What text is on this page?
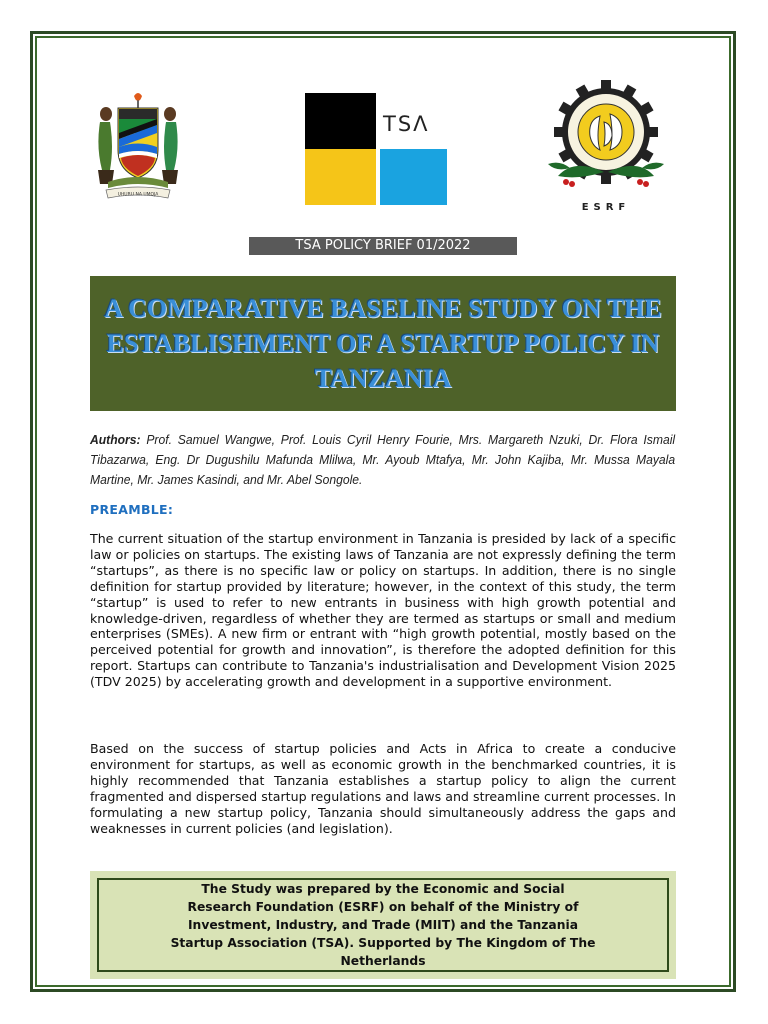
UHURU NA UMOJA
TSΛ
ESRF
TSA POLICY BRIEF 01/2022
A COMPARATIVE BASELINE STUDY ON THE ESTABLISHMENT OF A STARTUP POLICY IN TANZANIA
Authors: Prof. Samuel Wangwe, Prof. Louis Cyril Henry Fourie, Mrs. Margareth Nzuki, Dr. Flora Ismail Tibazarwa, Eng. Dr Dugushilu Mafunda Mlilwa, Mr. Ayoub Mtafya, Mr. John Kajiba, Mr. Mussa Mayala Martine, Mr. James Kasindi, and Mr. Abel Songole.
PREAMBLE:

The current situation of the startup environment in Tanzania is presided by lack of a specific law or policies on startups. The existing laws of Tanzania are not expressly defining the term “startups”, as there is no specific law or policy on startups. In addition, there is no single definition for startup provided by literature; however, in the context of this study, the term “startup” is used to refer to new entrants in business with high growth potential and knowledge-driven, regardless of whether they are termed as startups or small and medium enterprises (SMEs). A new firm or entrant with “high growth potential, mostly based on the perceived potential for growth and innovation”, is therefore the adopted definition for this report. Startups can contribute to Tanzania's industrialisation and Development Vision 2025 (TDV 2025) by accelerating growth and development in a supportive environment.

Based on the success of startup policies and Acts in Africa to create a conducive environment for startups, as well as economic growth in the benchmarked countries, it is highly recommended that Tanzania establishes a startup policy to align the current fragmented and dispersed startup regulations and laws and streamline current processes. In formulating a new startup policy, Tanzania should simultaneously address the gaps and weaknesses in current policies (and legislation).

The Study was prepared by the Economic and Social Research Foundation (ESRF) on behalf of the Ministry of Investment, Industry, and Trade (MIIT) and the Tanzania Startup Association (TSA). Supported by The Kingdom of The Netherlands
